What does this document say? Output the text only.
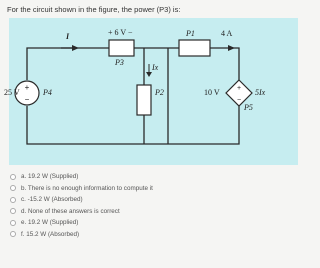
For the circuit shown in the figure, the power (P3) is:
+
−
+
−
I	+ 6 V −	P1	4 A
P3
Ix
25 V	P4	P2	10 V	5Ix
P5
a. 19.2 W (Supplied)
b. There is no enough information to compute it
c. -15.2 W (Absorbed)
d. None of these answers is correct
e. 19.2 W (Supplied)
f. 15.2 W (Absorbed)
